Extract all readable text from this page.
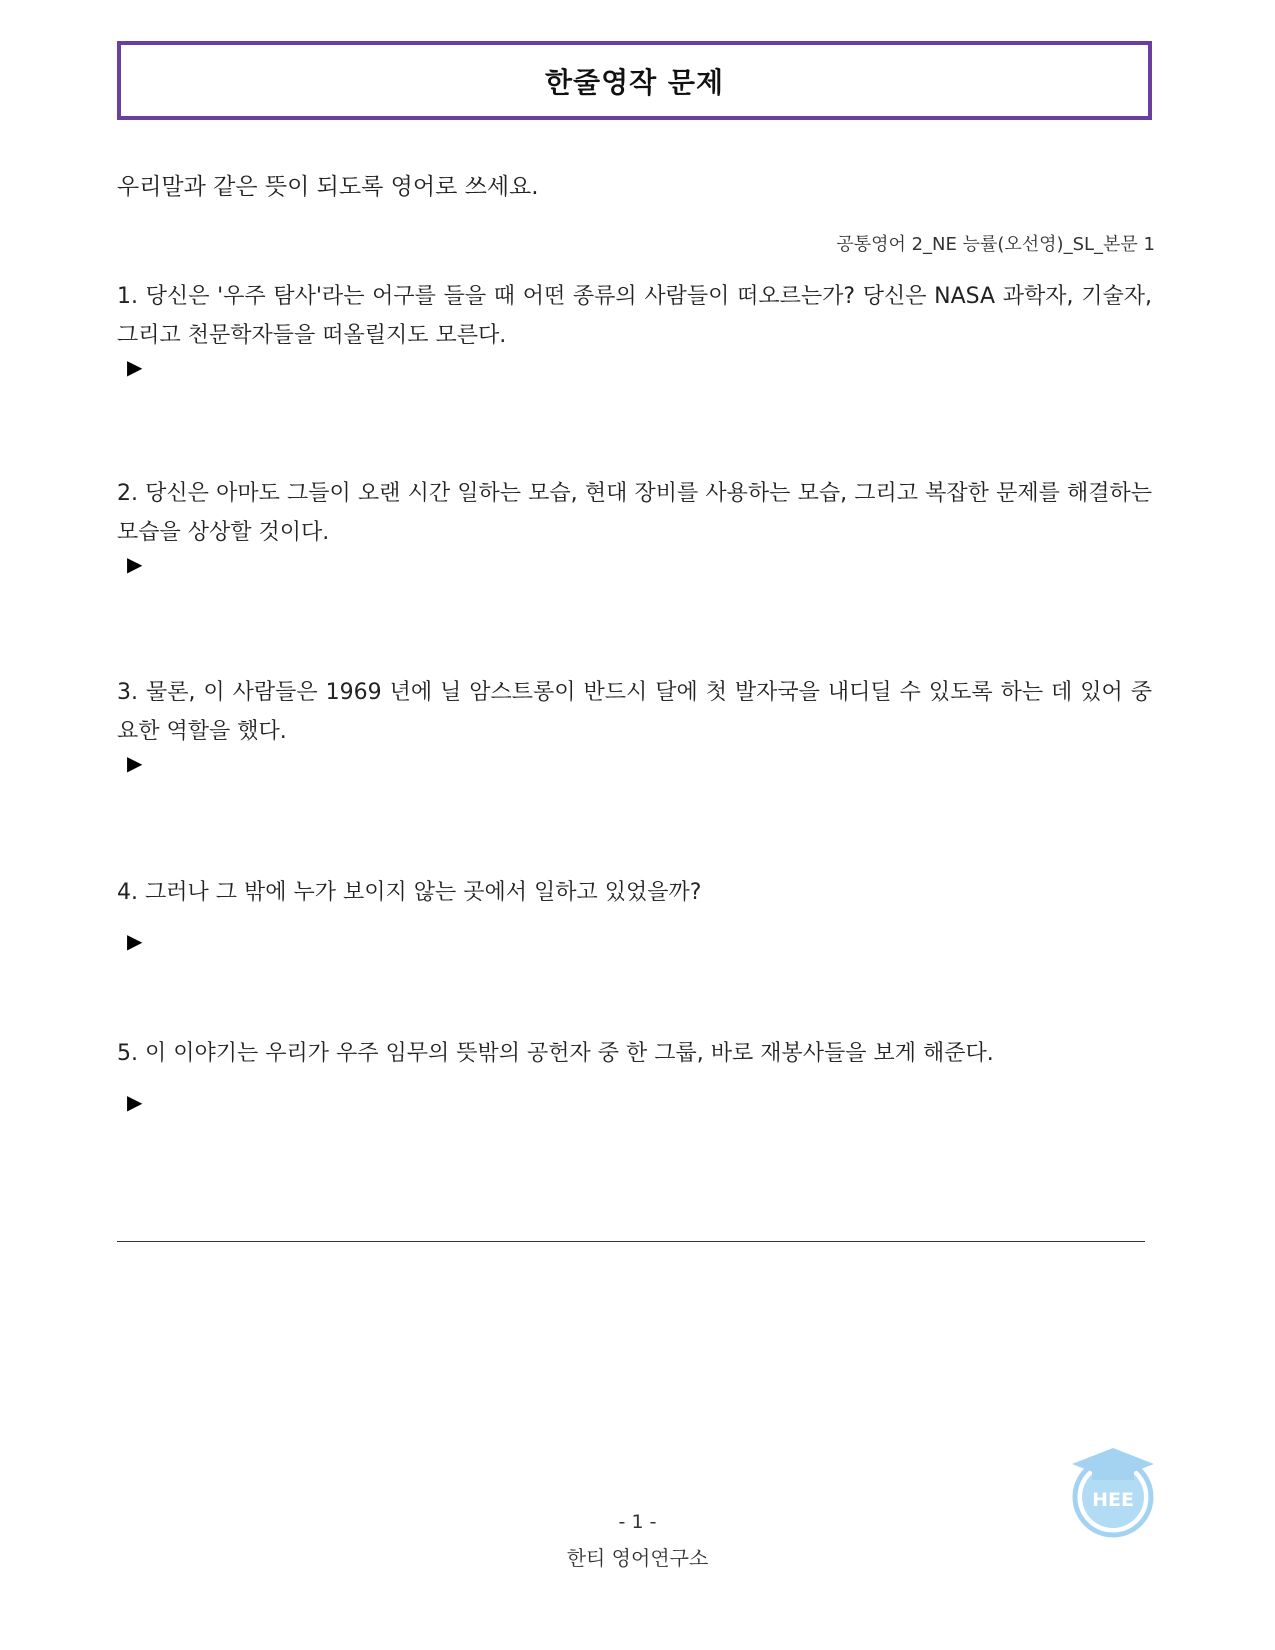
한줄영작 문제
우리말과 같은 뜻이 되도록 영어로 쓰세요.
공통영어 2_NE 능률(오선영)_SL_본문 1
1. 당신은 '우주 탐사'라는 어구를 들을 때 어떤 종류의 사람들이 떠오르는가? 당신은 NASA 과학자, 기술자, 그리고 천문학자들을 떠올릴지도 모른다.
▶
2. 당신은 아마도 그들이 오랜 시간 일하는 모습, 현대 장비를 사용하는 모습, 그리고 복잡한 문제를 해결하는 모습을 상상할 것이다.
▶
3. 물론, 이 사람들은 1969 년에 닐 암스트롱이 반드시 달에 첫 발자국을 내디딜 수 있도록 하는 데 있어 중요한 역할을 했다.
▶
4. 그러나 그 밖에 누가 보이지 않는 곳에서 일하고 있었을까?
▶
5. 이 이야기는 우리가 우주 임무의 뜻밖의 공헌자 중 한 그룹, 바로 재봉사들을 보게 해준다.
▶
HEE
- 1 -
한티 영어연구소
